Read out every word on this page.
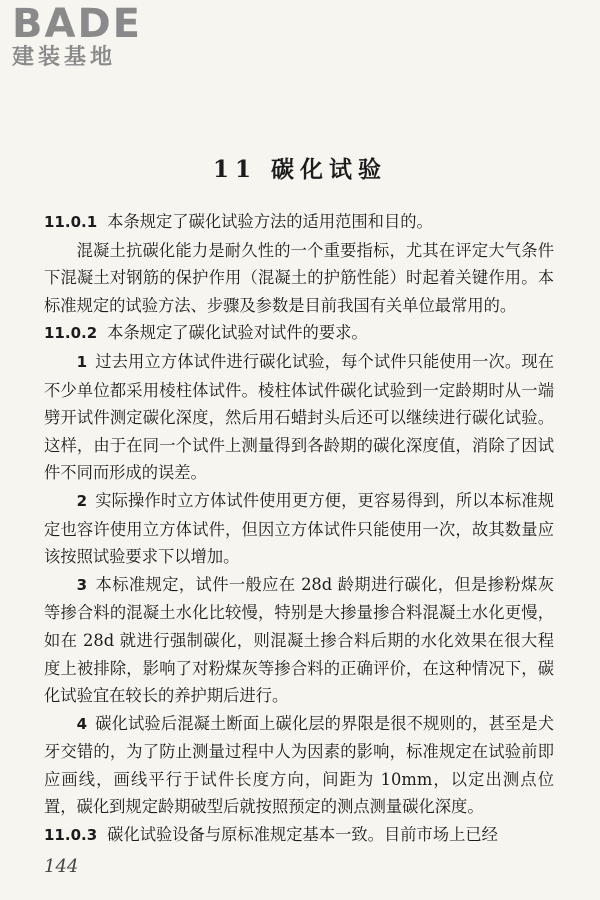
BADE
建装基地
11 碳化试验

11.0.1 本条规定了碳化试验方法的适用范围和目的。

混凝土抗碳化能力是耐久性的一个重要指标，尤其在评定大气条件下混凝土对钢筋的保护作用（混凝土的护筋性能）时起着关键作用。本标准规定的试验方法、步骤及参数是目前我国有关单位最常用的。

11.0.2 本条规定了碳化试验对试件的要求。

1  过去用立方体试件进行碳化试验，每个试件只能使用一次。现在不少单位都采用棱柱体试件。棱柱体试件碳化试验到一定龄期时从一端劈开试件测定碳化深度，然后用石蜡封头后还可以继续进行碳化试验。这样，由于在同一个试件上测量得到各龄期的碳化深度值，消除了因试件不同而形成的误差。

2  实际操作时立方体试件使用更方便，更容易得到，所以本标准规定也容许使用立方体试件，但因立方体试件只能使用一次，故其数量应该按照试验要求下以增加。

3  本标准规定，试件一般应在 28d 龄期进行碳化，但是掺粉煤灰等掺合料的混凝土水化比较慢，特别是大掺量掺合料混凝土水化更慢，如在 28d 就进行强制碳化，则混凝土掺合料后期的水化效果在很大程度上被排除，影响了对粉煤灰等掺合料的正确评价，在这种情况下，碳化试验宜在较长的养护期后进行。

4  碳化试验后混凝土断面上碳化层的界限是很不规则的，甚至是犬牙交错的，为了防止测量过程中人为因素的影响，标准规定在试验前即应画线，画线平行于试件长度方向，间距为 10mm，以定出测点位置，碳化到规定龄期破型后就按照预定的测点测量碳化深度。

11.0.3 碳化试验设备与原标准规定基本一致。目前市场上已经

144
